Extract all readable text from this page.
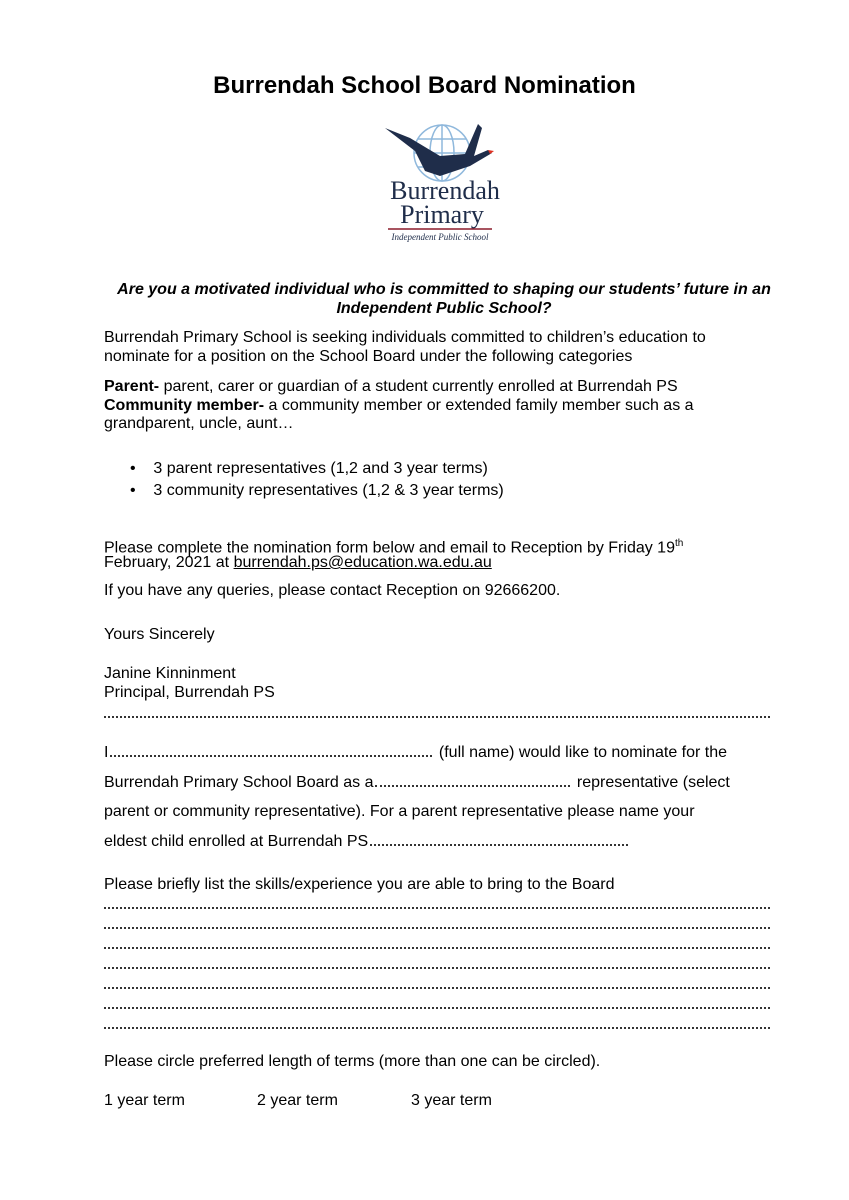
Burrendah School Board Nomination
Burrendah
Primary
Independent Public School
Are you a motivated individual who is committed to shaping our students’ future in an Independent Public School?
Burrendah Primary School is seeking individuals committed to children’s education to
nominate for a position on the School Board under the following categories
Parent- parent, carer or guardian of a student currently enrolled at Burrendah PS
Community member- a community member or extended family member such as a
grandparent, uncle, aunt…
•    3 parent representatives (1,2 and 3 year terms)
•    3 community representatives (1,2 & 3 year terms)
Please complete the nomination form below and email to Reception by Friday 19th
February, 2021 at burrendah.ps@education.wa.edu.au
If you have any queries, please contact Reception on 92666200.
Yours Sincerely
Janine Kinninment
Principal, Burrendah PS
I	(full name) would like to nominate for the
Burrendah Primary School Board as a	representative (select
parent or community representative). For a parent representative please name your
eldest child enrolled at Burrendah PS
Please briefly list the skills/experience you are able to bring to the Board
Please circle preferred length of terms (more than one can be circled).
1 year term	2 year term	3 year term
